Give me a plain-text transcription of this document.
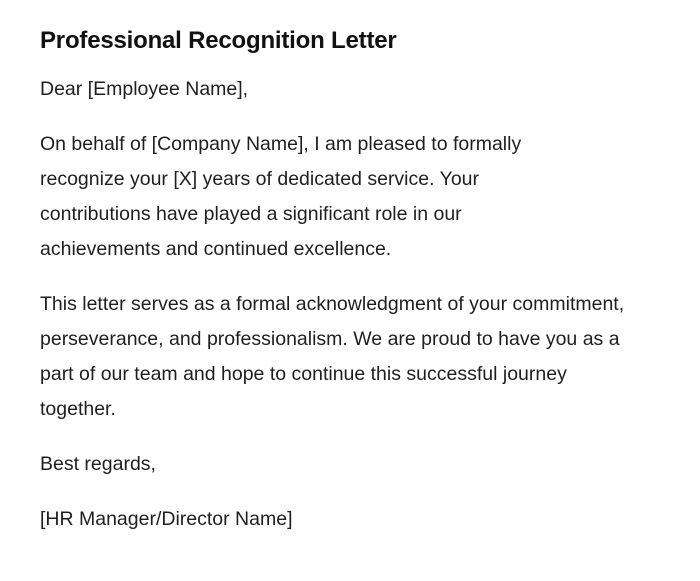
Professional Recognition Letter

Dear [Employee Name],

On behalf of [Company Name], I am pleased to formally recognize your [X] years of dedicated service. Your contributions have played a significant role in our achievements and continued excellence.

This letter serves as a formal acknowledgment of your commitment, perseverance, and professionalism. We are proud to have you as a part of our team and hope to continue this successful journey together.

Best regards,

[HR Manager/Director Name]
